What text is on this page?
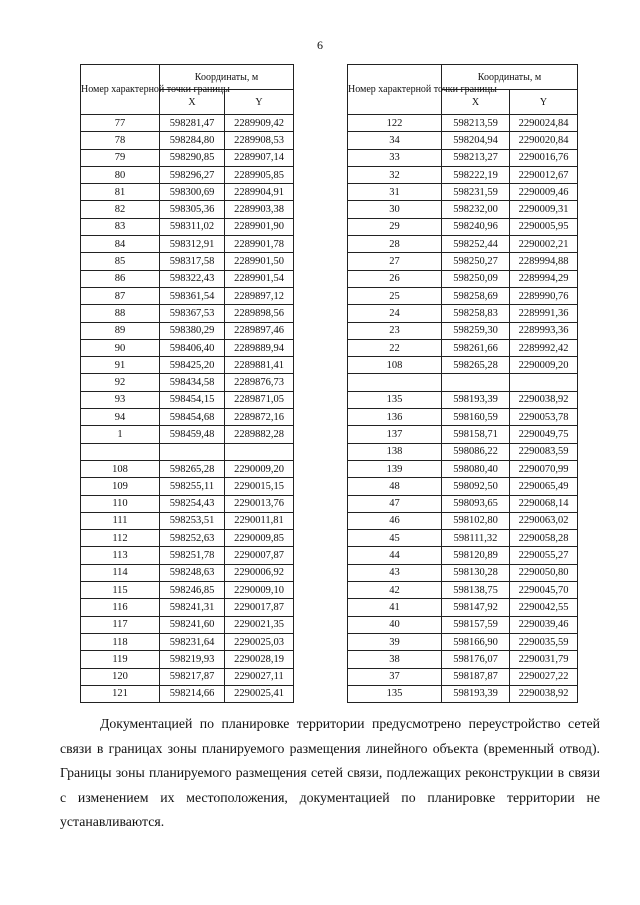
6
Номер характерной точки границы	Координаты, м	
	X	Y
77	598281,47	2289909,42
78	598284,80	2289908,53
79	598290,85	2289907,14
80	598296,27	2289905,85
81	598300,69	2289904,91
82	598305,36	2289903,38
83	598311,02	2289901,90
84	598312,91	2289901,78
85	598317,58	2289901,50
86	598322,43	2289901,54
87	598361,54	2289897,12
88	598367,53	2289898,56
89	598380,29	2289897,46
90	598406,40	2289889,94
91	598425,20	2289881,41
92	598434,58	2289876,73
93	598454,15	2289871,05
94	598454,68	2289872,16
1	598459,48	2289882,28

108	598265,28	2290009,20
109	598255,11	2290015,15
110	598254,43	2290013,76
111	598253,51	2290011,81
112	598252,63	2290009,85
113	598251,78	2290007,87
114	598248,63	2290006,92
115	598246,85	2290009,10
116	598241,31	2290017,87
117	598241,60	2290021,35
118	598231,64	2290025,03
119	598219,93	2290028,19
120	598217,87	2290027,11
121	598214,66	2290025,41
Номер характерной точки границы	Координаты, м	
	X	Y
122	598213,59	2290024,84
34	598204,94	2290020,84
33	598213,27	2290016,76
32	598222,19	2290012,67
31	598231,59	2290009,46
30	598232,00	2290009,31
29	598240,96	2290005,95
28	598252,44	2290002,21
27	598250,27	2289994,88
26	598250,09	2289994,29
25	598258,69	2289990,76
24	598258,83	2289991,36
23	598259,30	2289993,36
22	598261,66	2289992,42
108	598265,28	2290009,20

135	598193,39	2290038,92
136	598160,59	2290053,78
137	598158,71	2290049,75
138	598086,22	2290083,59
139	598080,40	2290070,99
48	598092,50	2290065,49
47	598093,65	2290068,14
46	598102,80	2290063,02
45	598111,32	2290058,28
44	598120,89	2290055,27
43	598130,28	2290050,80
42	598138,75	2290045,70
41	598147,92	2290042,55
40	598157,59	2290039,46
39	598166,90	2290035,59
38	598176,07	2290031,79
37	598187,87	2290027,22
135	598193,39	2290038,92

Документацией по планировке территории предусмотрено переустройство сетей связи в границах зоны планируемого размещения линейного объекта (временный отвод). Границы зоны планируемого размещения сетей связи, подлежащих реконструкции в связи с изменением их местоположения, документацией по планировке территории не устанавливаются.
